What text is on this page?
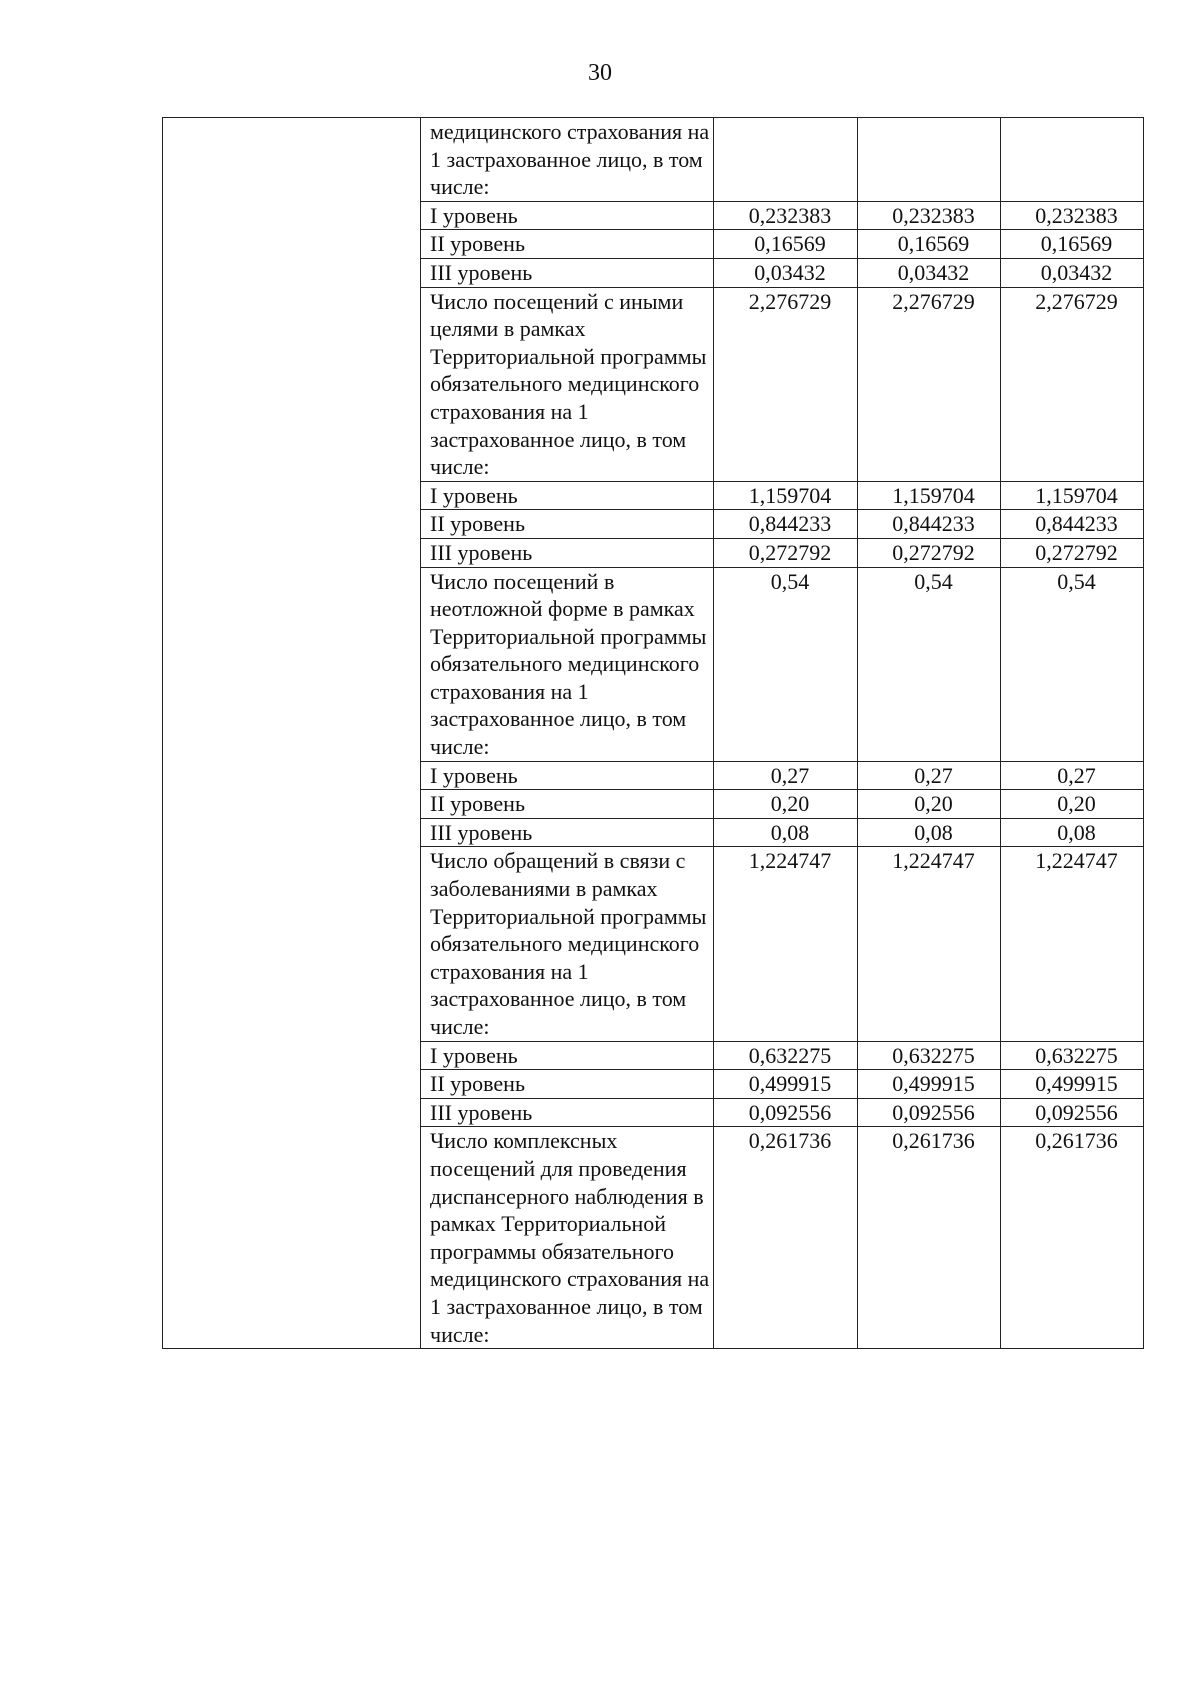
30
	медицинского страхования на 1 застрахованное лицо, в том числе:			
	I уровень	0,232383	0,232383	0,232383
	II уровень	0,16569	0,16569	0,16569
	III уровень	0,03432	0,03432	0,03432
	Число посещений с иными целями в рамках Территориальной программы обязательного медицинского страхования на 1 застрахованное лицо, в том числе:	2,276729	2,276729	2,276729
	I уровень	1,159704	1,159704	1,159704
	II уровень	0,844233	0,844233	0,844233
	III уровень	0,272792	0,272792	0,272792
	Число посещений в неотложной форме в рамках Территориальной программы обязательного медицинского страхования на 1 застрахованное лицо, в том числе:	0,54	0,54	0,54
	I уровень	0,27	0,27	0,27
	II уровень	0,20	0,20	0,20
	III уровень	0,08	0,08	0,08
	Число обращений в связи с заболеваниями в рамках Территориальной программы обязательного медицинского страхования на 1 застрахованное лицо, в том числе:	1,224747	1,224747	1,224747
	I уровень	0,632275	0,632275	0,632275
	II уровень	0,499915	0,499915	0,499915
	III уровень	0,092556	0,092556	0,092556
	Число комплексных посещений для проведения диспансерного наблюдения в рамках Территориальной программы обязательного медицинского страхования на 1 застрахованное лицо, в том числе:	0,261736	0,261736	0,261736
